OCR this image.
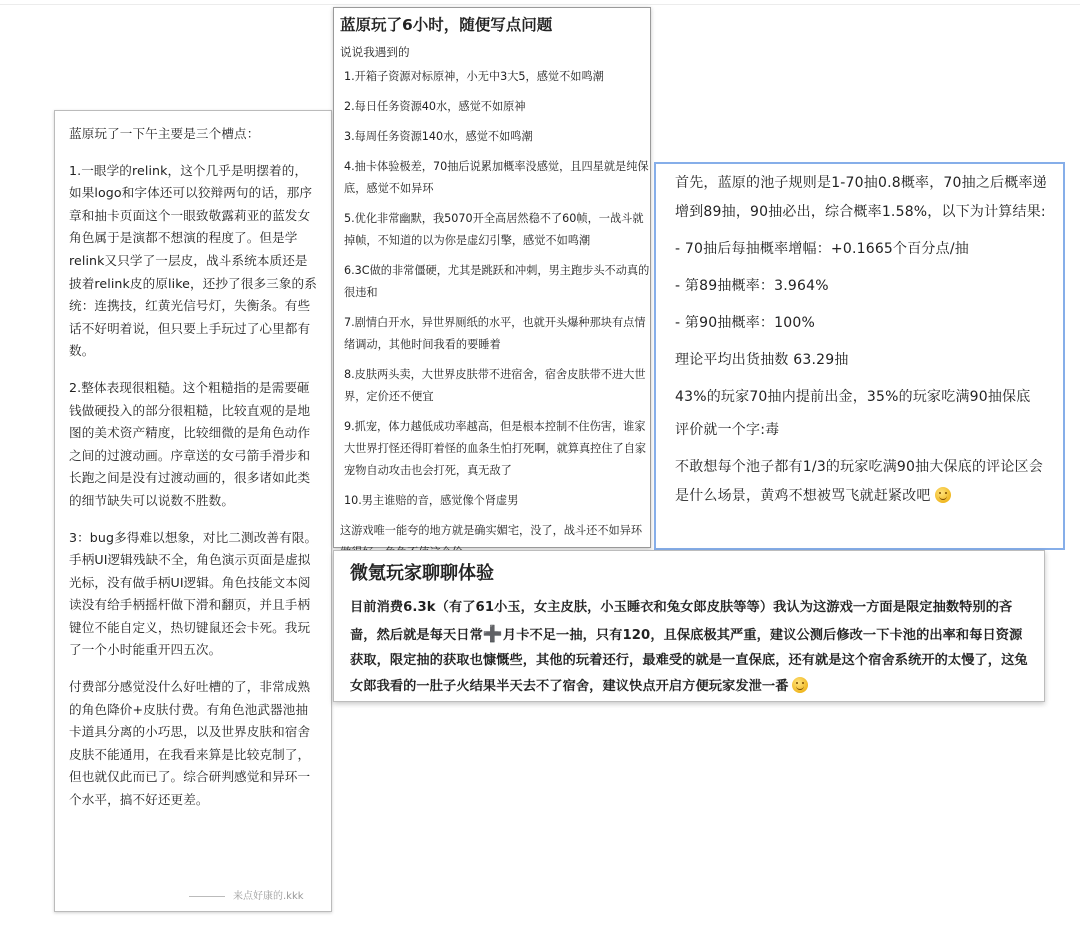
蓝原玩了一下午主要是三个槽点：

1.一眼学的relink，这个几乎是明摆着的，如果logo和字体还可以狡辩两句的话，那序章和抽卡页面这个一眼致敬露莉亚的蓝发女角色属于是演都不想演的程度了。但是学relink又只学了一层皮，战斗系统本质还是披着relink皮的原like，还抄了很多三象的系统：连携技，红黄光信号灯，失衡条。有些话不好明着说，但只要上手玩过了心里都有数。

2.整体表现很粗糙。这个粗糙指的是需要砸钱做硬投入的部分很粗糙，比较直观的是地图的美术资产精度，比较细微的是角色动作之间的过渡动画。序章送的女弓箭手滑步和长跑之间是没有过渡动画的，很多诸如此类的细节缺失可以说数不胜数。

3：bug多得难以想象，对比二测改善有限。手柄UI逻辑残缺不全，角色演示页面是虚拟光标，没有做手柄UI逻辑。角色技能文本阅读没有给手柄摇杆做下滑和翻页，并且手柄键位不能自定义，热切键鼠还会卡死。我玩了一个小时能重开四五次。

付费部分感觉没什么好吐槽的了，非常成熟的角色降价+皮肤付费。有角色池武器池抽卡道具分离的小巧思，以及世界皮肤和宿舍皮肤不能通用，在我看来算是比较克制了，但也就仅此而已了。综合研判感觉和异环一个水平，搞不好还更差。

来点好康的.kkk
蓝原玩了6小时，随便写点问题
说说我遇到的
1.开箱子资源对标原神，小无中3大5，感觉不如鸣潮
2.每日任务资源40水，感觉不如原神
3.每周任务资源140水，感觉不如鸣潮
4.抽卡体验极差，70抽后说累加概率没感觉，且四星就是纯保底，感觉不如异环
5.优化非常幽默，我5070开全高居然稳不了60帧，一战斗就掉帧，不知道的以为你是虚幻引擎，感觉不如鸣潮
6.3C做的非常僵硬，尤其是跳跃和冲刺，男主跑步头不动真的很违和
7.剧情白开水，异世界厕纸的水平，也就开头爆种那块有点情绪调动，其他时间我看的要睡着
8.皮肤两头卖，大世界皮肤带不进宿舍，宿舍皮肤带不进大世界，定价还不便宜
9.抓宠，体力越低成功率越高，但是根本控制不住伤害，谁家大世界打怪还得盯着怪的血条生怕打死啊，就算真控住了自家宠物自动攻击也会打死，真无敌了
10.男主谁赔的音，感觉像个肾虚男
这游戏唯一能夸的地方就是确实媚宅，没了，战斗还不如异环

首先，蓝原的池子规则是1-70抽0.8概率，70抽之后概率递增到89抽，90抽必出，综合概率1.58%，以下为计算结果:

- 70抽后每抽概率增幅：+0.1665个百分点/抽

- 第89抽概率：3.964%

- 第90抽概率：100%

理论平均出货抽数 63.29抽

43%的玩家70抽内提前出金，35%的玩家吃满90抽保底

评价就一个字:毒

不敢想每个池子都有1/3的玩家吃满90抽大保底的评论区会是什么场景，黄鸡不想被骂飞就赶紧改吧

微氪玩家聊聊体验

目前消费6.3k（有了61小玉，女主皮肤，小玉睡衣和兔女郎皮肤等等）我认为这游戏一方面是限定抽数特别的吝啬，然后就是每天日常➕月卡不足一抽，只有120，且保底极其严重，建议公测后修改一下卡池的出率和每日资源获取，限定抽的获取也慷慨些，其他的玩着还行，最难受的就是一直保底，还有就是这个宿舍系统开的太慢了，这兔女郎我看的一肚子火结果半天去不了宿舍，建议快点开启方便玩家发泄一番
